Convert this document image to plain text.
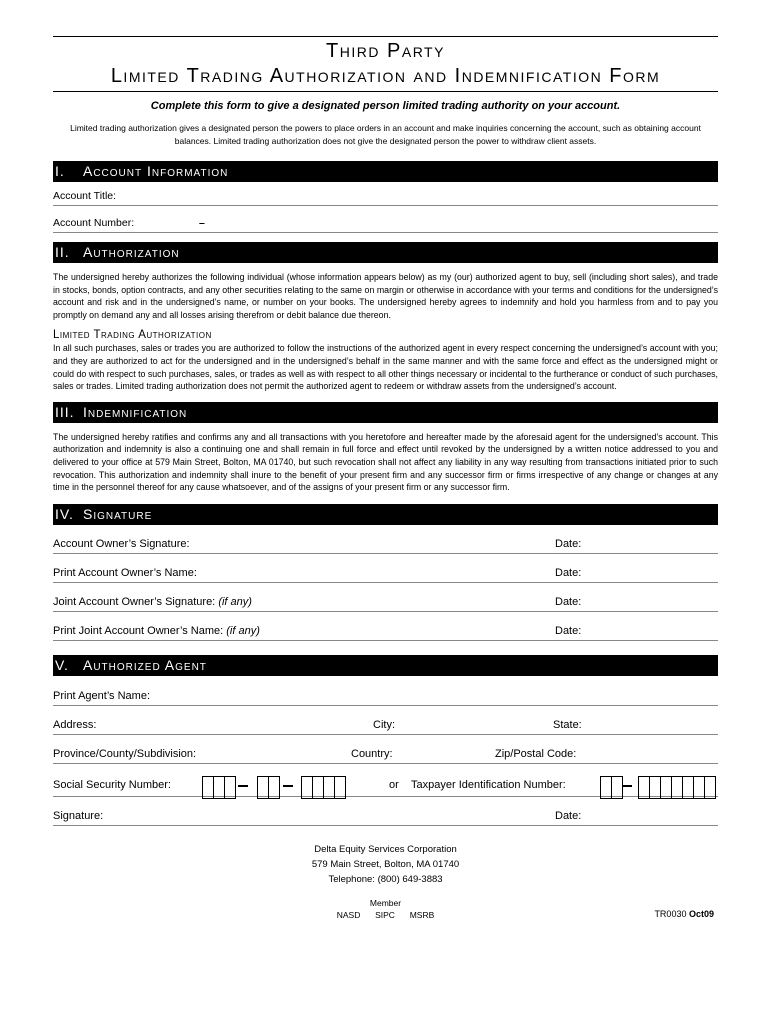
Third Party
Limited Trading Authorization and Indemnification Form
Complete this form to give a designated person limited trading authority on your account.
Limited trading authorization gives a designated person the powers to place orders in an account and make inquiries concerning the account, such as obtaining account balances. Limited trading authorization does not give the designated person the power to withdraw client assets.
I. Account Information
Account Title:
Account Number:	–
II. Authorization
The undersigned hereby authorizes the following individual (whose information appears below) as my (our) authorized agent to buy, sell (including short sales), and trade in stocks, bonds, option contracts, and any other securities relating to the same on margin or otherwise in accordance with your terms and conditions for the undersigned’s account and risk and in the undersigned’s name, or number on your books. The undersigned hereby agrees to indemnify and hold you harmless from and to pay you promptly on demand any and all losses arising therefrom or debit balance due thereon.
Limited Trading Authorization
In all such purchases, sales or trades you are authorized to follow the instructions of the authorized agent in every respect concerning the undersigned’s account with you; and they are authorized to act for the undersigned and in the undersigned’s behalf in the same manner and with the same force and effect as the undersigned might or could do with respect to such purchases, sales, or trades as well as with respect to all other things necessary or incidental to the furtherance or conduct of such purchases, sales or trades. Limited trading authorization does not permit the authorized agent to redeem or withdraw assets from the undersigned’s account.
III. Indemnification
The undersigned hereby ratifies and confirms any and all transactions with you heretofore and hereafter made by the aforesaid agent for the undersigned’s account. This authorization and indemnity is also a continuing one and shall remain in full force and effect until revoked by the undersigned by a written notice addressed to you and delivered to your office at 579 Main Street, Bolton, MA 01740, but such revocation shall not affect any liability in any way resulting from transactions initiated prior to such revocation. This authorization and indemnity shall inure to the benefit of your present firm and any successor firm or firms irrespective of any change or changes at any time in the personnel thereof for any cause whatsoever, and of the assigns of your present firm or any successor firm.
IV. Signature
Account Owner’s Signature:	Date:
Print Account Owner’s Name:	Date:
Joint Account Owner’s Signature: (if any)	Date:
Print Joint Account Owner’s Name: (if any)	Date:
V. Authorized Agent
Print Agent’s Name:
Address:	City:	State:
Province/County/Subdivision:	Country:	Zip/Postal Code:
Social Security Number:	or Taxpayer Identification Number:
Signature:	Date:
Delta Equity Services Corporation
579 Main Street, Bolton, MA 01740
Telephone: (800) 649-3883
Member
NASD SIPC MSRB	TR0030 Oct09
